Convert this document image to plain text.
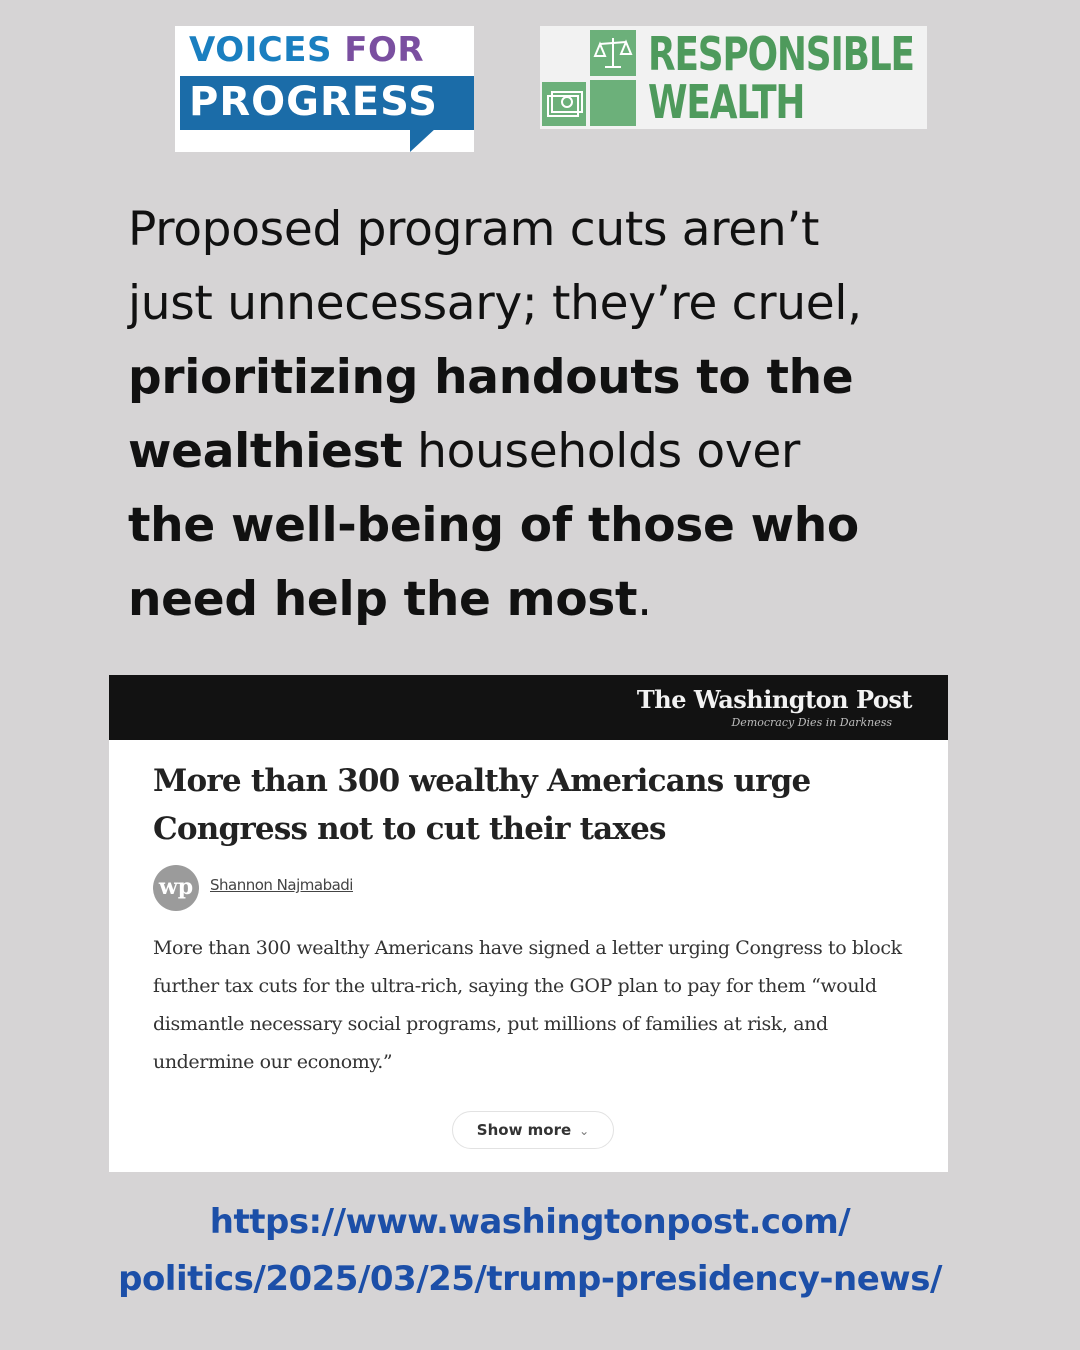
VOICES FOR
PROGRESS
RESPONSIBLE
WEALTH
Proposed program cuts aren’t
just unnecessary; they’re cruel,
prioritizing handouts to the
wealthiest households over
the well-being of those who
need help the most.
The Washington Post
Democracy Dies in Darkness
More than 300 wealthy Americans urge Congress not to cut their taxes
wp	Shannon Najmabadi
More than 300 wealthy Americans have signed a letter urging Congress to block further tax cuts for the ultra-rich, saying the GOP plan to pay for them “would dismantle necessary social programs, put millions of families at risk, and undermine our economy.”
Show more ⌄
https://www.washingtonpost.com/
politics/2025/03/25/trump-presidency-news/
